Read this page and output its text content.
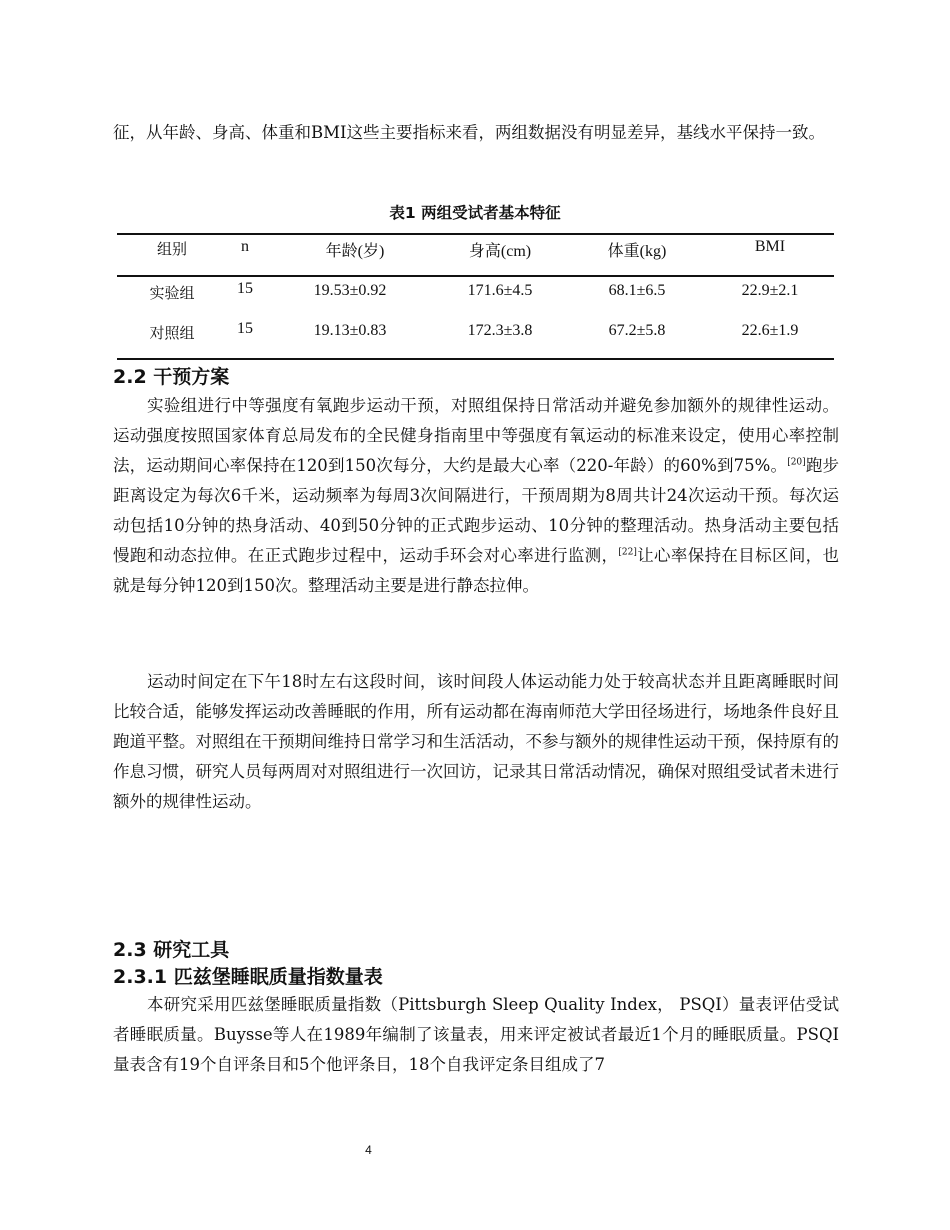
征，从年龄、身高、体重和BMI这些主要指标来看，两组数据没有明显差异，基线水平保持一致。

表1 两组受试者基本特征
组别	n	年龄(岁)	身高(cm)	体重(kg)	BMI
实验组	15	19.53±0.92	171.6±4.5	68.1±6.5	22.9±2.1
对照组	15	19.13±0.83	172.3±3.8	67.2±5.8	22.6±1.9
2.2 干预方案

实验组进行中等强度有氧跑步运动干预，对照组保持日常活动并避免参加额外的规律性运动。运动强度按照国家体育总局发布的全民健身指南里中等强度有氧运动的标准来设定，使用心率控制法，运动期间心率保持在120到150次每分，大约是最大心率（220-年龄）的60%到75%。[20]跑步距离设定为每次6千米，运动频率为每周3次间隔进行，干预周期为8周共计24次运动干预。每次运动包括10分钟的热身活动、40到50分钟的正式跑步运动、10分钟的整理活动。热身活动主要包括慢跑和动态拉伸。在正式跑步过程中，运动手环会对心率进行监测，[22]让心率保持在目标区间，也就是每分钟120到150次。整理活动主要是进行静态拉伸。

运动时间定在下午18时左右这段时间，该时间段人体运动能力处于较高状态并且距离睡眠时间比较合适，能够发挥运动改善睡眠的作用，所有运动都在海南师范大学田径场进行，场地条件良好且跑道平整。对照组在干预期间维持日常学习和生活活动，不参与额外的规律性运动干预，保持原有的作息习惯，研究人员每两周对对照组进行一次回访，记录其日常活动情况，确保对照组受试者未进行额外的规律性运动。

2.3 研究工具
2.3.1 匹兹堡睡眠质量指数量表

本研究采用匹兹堡睡眠质量指数（Pittsburgh Sleep Quality Index， PSQI）量表评估受试者睡眠质量。Buysse等人在1989年编制了该量表，用来评定被试者最近1个月的睡眠质量。PSQI量表含有19个自评条目和5个他评条目，18个自我评定条目组成了7

4
